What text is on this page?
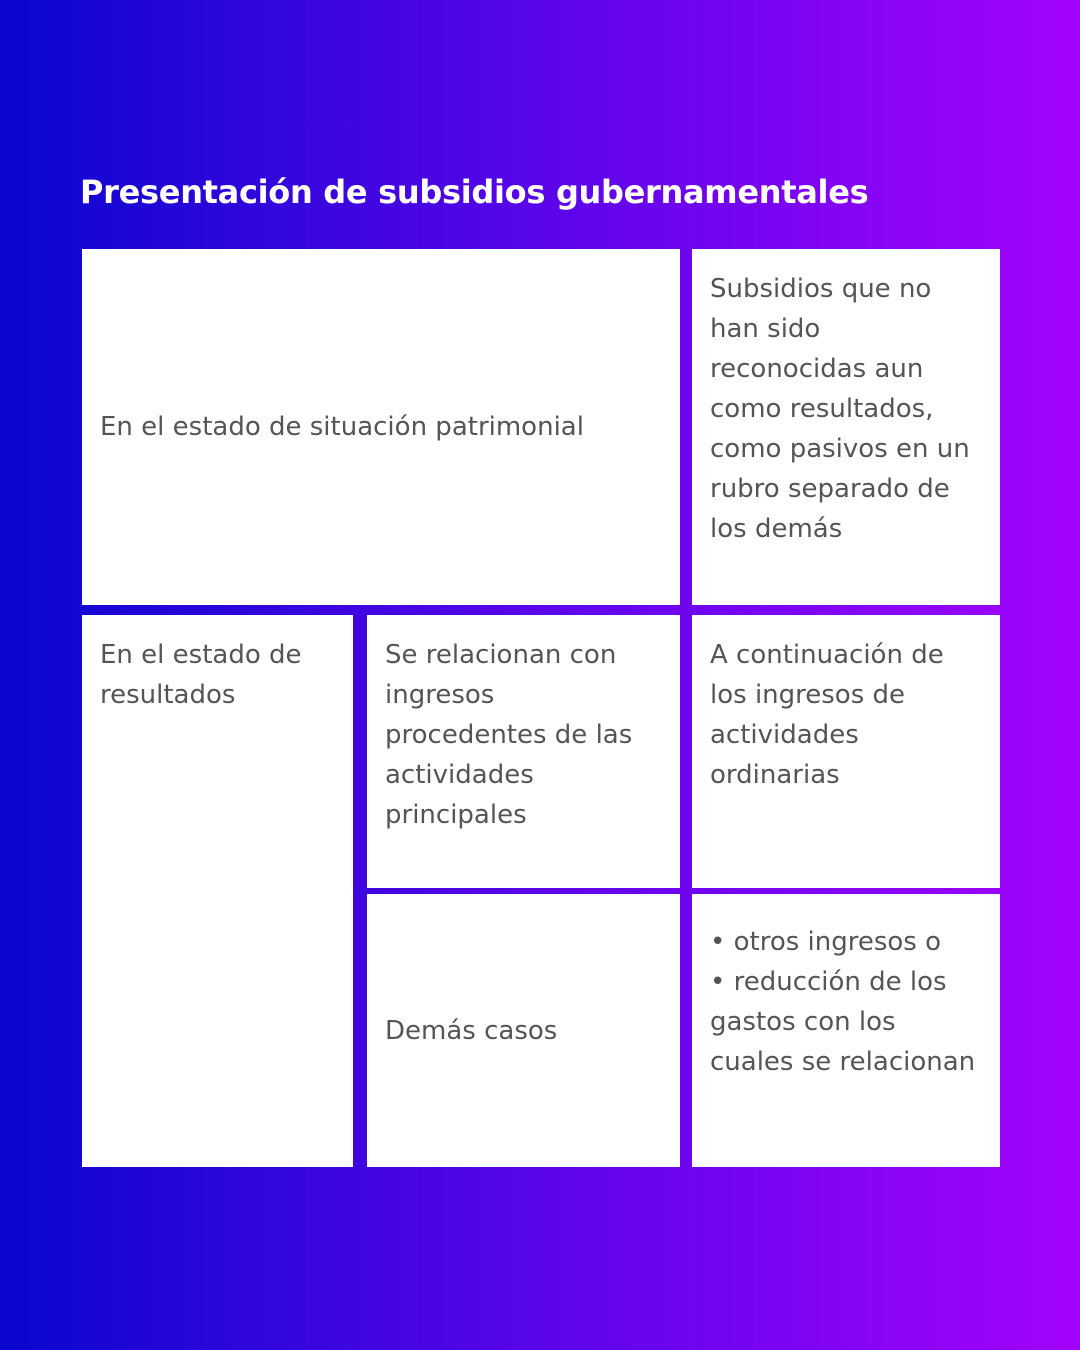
Presentación de subsidios gubernamentales
En el estado de situación patrimonial
Subsidios que no han sido reconocidas aun como resultados, como pasivos en un rubro separado de los demás
En el estado de resultados
Se relacionan con ingresos procedentes de las actividades principales
A continuación de los ingresos de actividades ordinarias
Demás casos
• otros ingresos o
• reducción de los gastos con los cuales se relacionan
